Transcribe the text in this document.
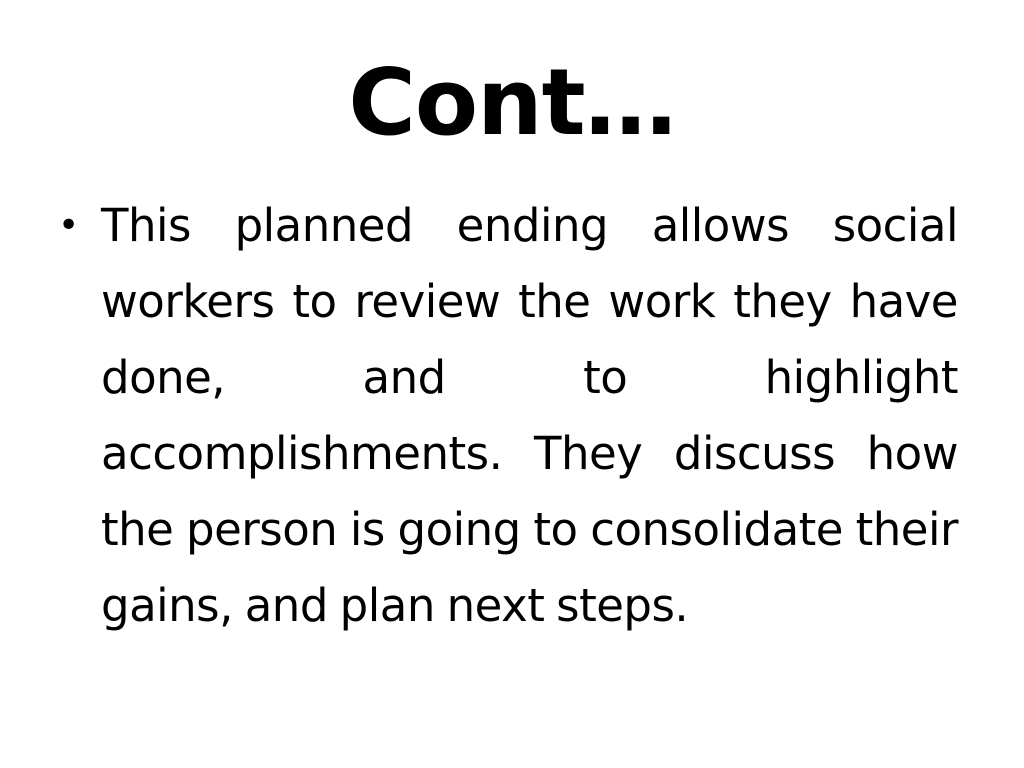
Cont…
• This planned ending allows social workers to review the work they have done, and to highlight accomplishments. They discuss how the person is going to consolidate their gains, and plan next steps.
